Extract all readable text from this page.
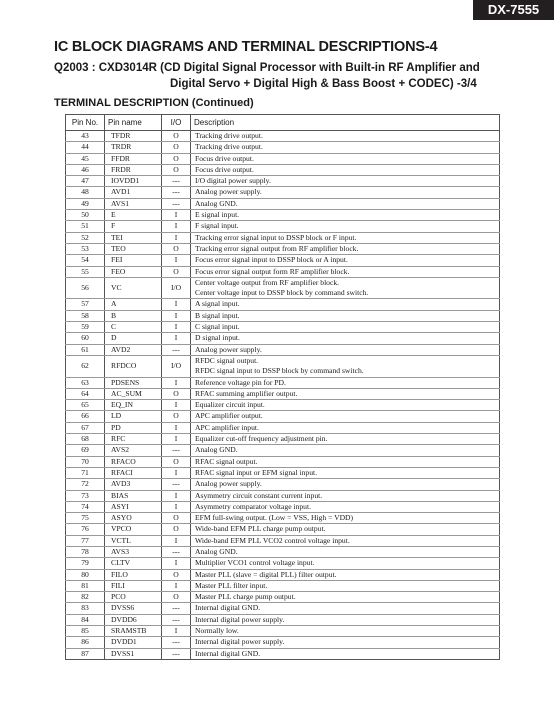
DX-7555
IC BLOCK DIAGRAMS AND TERMINAL DESCRIPTIONS-4
Q2003 : CXD3014R (CD Digital Signal Processor with Built-in RF Amplifier and
Digital Servo + Digital High & Bass Boost + CODEC) -3/4
TERMINAL DESCRIPTION (Continued)
Pin No.	Pin name	I/O	Description
43	TFDR	O	Tracking drive output.

44	TRDR	O	Tracking drive output.

45	FFDR	O	Focus drive output.

46	FRDR	O	Focus drive output.

47	IOVDD1	---	I/O digital power supply.

48	AVD1	---	Analog power supply.

49	AVS1	---	Analog GND.

50	E	I	E signal input.

51	F	I	F signal input.

52	TEI	I	Tracking error signal input to DSSP block or F input.

53	TEO	O	Tracking error signal output from RF amplifier block.

54	FEI	I	Focus error signal input to DSSP block or A input.

55	FEO	O	Focus error signal output form RF amplifier block.

56	VC	I/O	Center voltage output from RF amplifier block.
Center voltage input to DSSP block by command switch.

57	A	I	A signal input.

58	B	I	B signal input.

59	C	I	C signal input.

60	D	I	D signal input.

61	AVD2	---	Analog power supply.

62	RFDCO	I/O	RFDC signal output.
RFDC signal input to DSSP block by command switch.

63	PDSENS	I	Reference voltage pin for PD.

64	AC_SUM	O	RFAC summing amplifier output.

65	EQ_IN	I	Equalizer circuit input.

66	LD	O	APC amplifier output.

67	PD	I	APC amplifier input.

68	RFC	I	Equalizer cut-off frequency adjustment pin.

69	AVS2	---	Analog GND.

70	RFACO	O	RFAC signal output.

71	RFACI	I	RFAC signal input or EFM signal input.

72	AVD3	---	Analog power supply.

73	BIAS	I	Asymmetry circuit constant current input.

74	ASYI	I	Asymmetry comparator voltage input.

75	ASYO	O	EFM full-swing output. (Low = VSS, High = VDD)

76	VPCO	O	Wide-band EFM PLL charge pump output.

77	VCTL	I	Wide-band EFM PLL VCO2 control voltage input.

78	AVS3	---	Analog GND.

79	CLTV	I	Multiplier VCO1 control voltage input.

80	FILO	O	Master PLL (slave = digital PLL) filter output.

81	FILI	I	Master PLL filter input.

82	PCO	O	Master PLL charge pump output.

83	DVSS6	---	Internal digital GND.

84	DVDD6	---	Internal digital power supply.

85	SRAMSTB	I	Normally low.

86	DVDD1	---	Internal digital power supply.

87	DVSS1	---	Internal digital GND.
